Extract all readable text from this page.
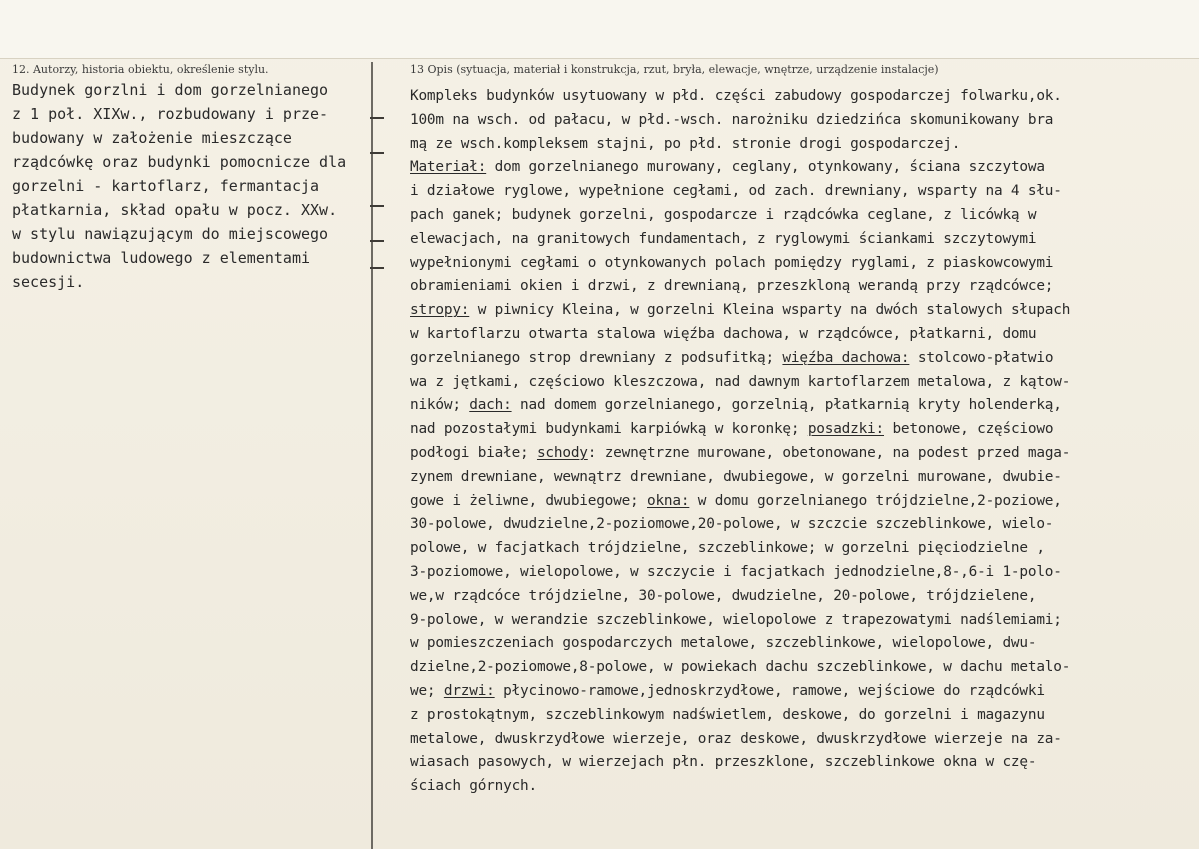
12. Autorzy, historia obiektu, określenie stylu.	13 Opis (sytuacja, materiał i konstrukcja, rzut, bryła, elewacje, wnętrze, urządzenie instalacje)
Budynek gorzlni i dom gorzelnianego
z 1 poł. XIXw., rozbudowany i prze-
budowany w założenie mieszczące
rządcówkę oraz budynki pomocnicze dla
gorzelni - kartoflarz, fermantacja
płatkarnia, skład opału w pocz. XXw.
w stylu nawiązującym do miejscowego
budownictwa ludowego z elementami
secesji.
Kompleks budynków usytuowany w płd. części zabudowy gospodarczej folwarku,ok.
100m na wsch. od pałacu, w płd.-wsch. narożniku dziedzińca skomunikowany bra
mą ze wsch.kompleksem stajni, po płd. stronie drogi gospodarczej.
Materiał: dom gorzelnianego murowany, ceglany, otynkowany, ściana szczytowa
i działowe ryglowe, wypełnione cegłami, od zach. drewniany, wsparty na 4 słu-
pach ganek; budynek gorzelni, gospodarcze i rządcówka ceglane, z licówką w
elewacjach, na granitowych fundamentach, z ryglowymi ściankami szczytowymi
wypełnionymi cegłami o otynkowanych polach pomiędzy ryglami, z piaskowcowymi
obramieniami okien i drzwi, z drewnianą, przeszkloną werandą przy rządcówce;
stropy: w piwnicy Kleina, w gorzelni Kleina wsparty na dwóch stalowych słupach
w kartoflarzu otwarta stalowa więźba dachowa, w rządcówce, płatkarni, domu
gorzelnianego strop drewniany z podsufitką; więźba dachowa: stolcowo-płatwio
wa z jętkami, częściowo kleszczowa, nad dawnym kartoflarzem metalowa, z kątow-
ników; dach: nad domem gorzelnianego, gorzelnią, płatkarnią kryty holenderką,
nad pozostałymi budynkami karpiówką w koronkę; posadzki: betonowe, częściowo
podłogi białe; schody: zewnętrzne murowane, obetonowane, na podest przed maga-
zynem drewniane, wewnątrz drewniane, dwubiegowe, w gorzelni murowane, dwubie-
gowe i żeliwne, dwubiegowe; okna: w domu gorzelnianego trójdzielne,2-poziowe,
30-polowe, dwudzielne,2-poziomowe,20-polowe, w szczcie szczeblinkowe, wielo-
polowe, w facjatkach trójdzielne, szczeblinkowe; w gorzelni pięciodzielne ,
3-poziomowe, wielopolowe, w szczycie i facjatkach jednodzielne,8-,6-i 1-polo-
we,w rządcóce trójdzielne, 30-polowe, dwudzielne, 20-polowe, trójdzielene,
9-polowe, w werandzie szczeblinkowe, wielopolowe z trapezowatymi nadślemiami;
w pomieszczeniach gospodarczych metalowe, szczeblinkowe, wielopolowe, dwu-
dzielne,2-poziomowe,8-polowe, w powiekach dachu szczeblinkowe, w dachu metalo-
we; drzwi: płycinowo-ramowe,jednoskrzydłowe, ramowe, wejściowe do rządcówki
z prostokątnym, szczeblinkowym nadświetlem, deskowe, do gorzelni i magazynu
metalowe, dwuskrzydłowe wierzeje, oraz deskowe, dwuskrzydłowe wierzeje na za-
wiasach pasowych, w wierzejach płn. przeszklone, szczeblinkowe okna w czę-
ściach górnych.
